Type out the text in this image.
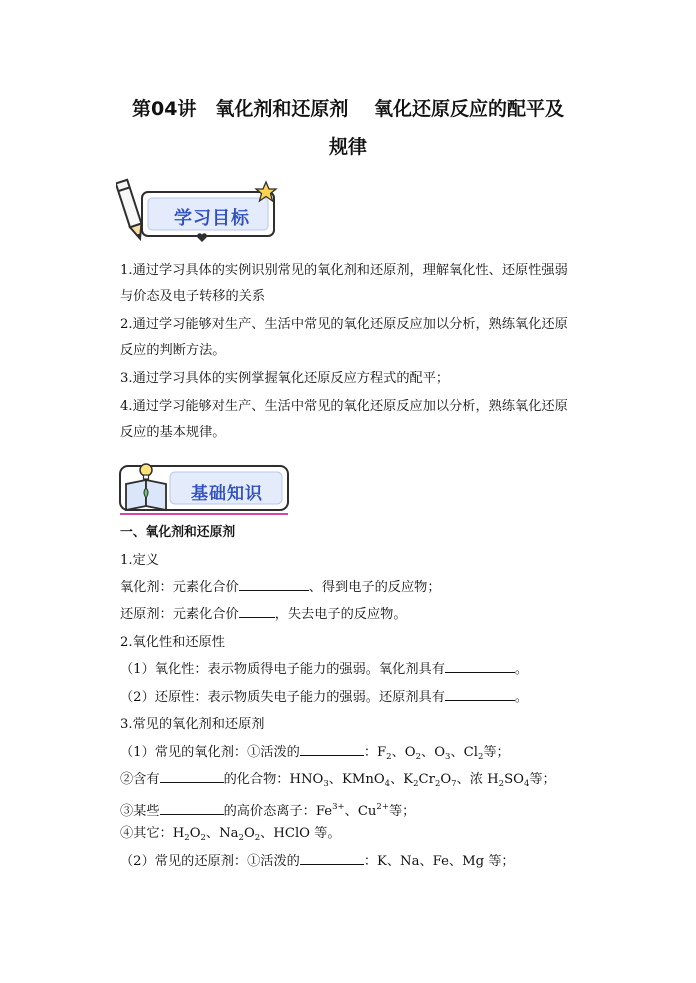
第04讲　氧化剂和还原剂　 氧化还原反应的配平及
规律
学习目标
1.通过学习具体的实例识别常见的氧化剂和还原剂，理解氧化性、还原性强弱与价态及电子转移的关系
2.通过学习能够对生产、生活中常见的氧化还原反应加以分析，熟练氧化还原反应的判断方法。
3.通过学习具体的实例掌握氧化还原反应方程式的配平；
4.通过学习能够对生产、生活中常见的氧化还原反应加以分析，熟练氧化还原反应的基本规律。
基础知识
一、氧化剂和还原剂
1.定义
氧化剂：元素化合价	、得到电子的反应物；
还原剂：元素化合价	，失去电子的反应物。
2.氧化性和还原性
（1）氧化性：表示物质得电子能力的强弱。氧化剂具有	。
（2）还原性：表示物质失电子能力的强弱。还原剂具有	。
3.常见的氧化剂和还原剂
（1）常见的氧化剂：①活泼的	：$F_2$、$O_2$、$O_3$、$Cl_2$等；
②含有	的化合物：$HNO_3$、KMnO$_4$、$K_2Cr_2O_7$、浓 $H_2SO_4$等；
③某些	的高价态离子：$Fe^{3+}$、$Cu^{2+}$等；
④其它：$H_2O_2$、$Na_2O_2$、HClO 等。
（2）常见的还原剂：①活泼的	：K、Na、Fe、Mg 等；
